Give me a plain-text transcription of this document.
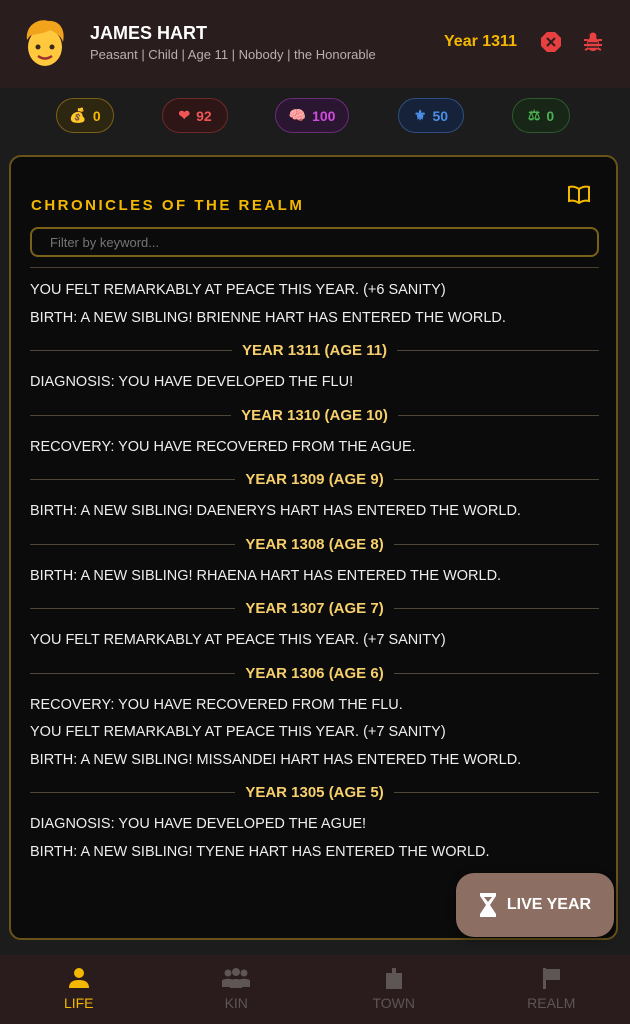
JAMES HART
Peasant | Child | Age 11 | Nobody | the Honorable
Year 1311
💰 0	❤ 92	🧠 100	⚜ 50	⚖ 0
CHRONICLES OF THE REALM
Filter by keyword...
YOU FELT REMARKABLY AT PEACE THIS YEAR. (+6 SANITY)
BIRTH: A NEW SIBLING! BRIENNE HART HAS ENTERED THE WORLD.
YEAR 1311 (AGE 11)
DIAGNOSIS: YOU HAVE DEVELOPED THE FLU!
YEAR 1310 (AGE 10)
RECOVERY: YOU HAVE RECOVERED FROM THE AGUE.
YEAR 1309 (AGE 9)
BIRTH: A NEW SIBLING! DAENERYS HART HAS ENTERED THE WORLD.
YEAR 1308 (AGE 8)
BIRTH: A NEW SIBLING! RHAENA HART HAS ENTERED THE WORLD.
YEAR 1307 (AGE 7)
YOU FELT REMARKABLY AT PEACE THIS YEAR. (+7 SANITY)
YEAR 1306 (AGE 6)
RECOVERY: YOU HAVE RECOVERED FROM THE FLU.
YOU FELT REMARKABLY AT PEACE THIS YEAR. (+7 SANITY)
BIRTH: A NEW SIBLING! MISSANDEI HART HAS ENTERED THE WORLD.
YEAR 1305 (AGE 5)
DIAGNOSIS: YOU HAVE DEVELOPED THE AGUE!
BIRTH: A NEW SIBLING! TYENE HART HAS ENTERED THE WORLD.
LIVE YEAR
LIFE	KIN	TOWN	REALM
